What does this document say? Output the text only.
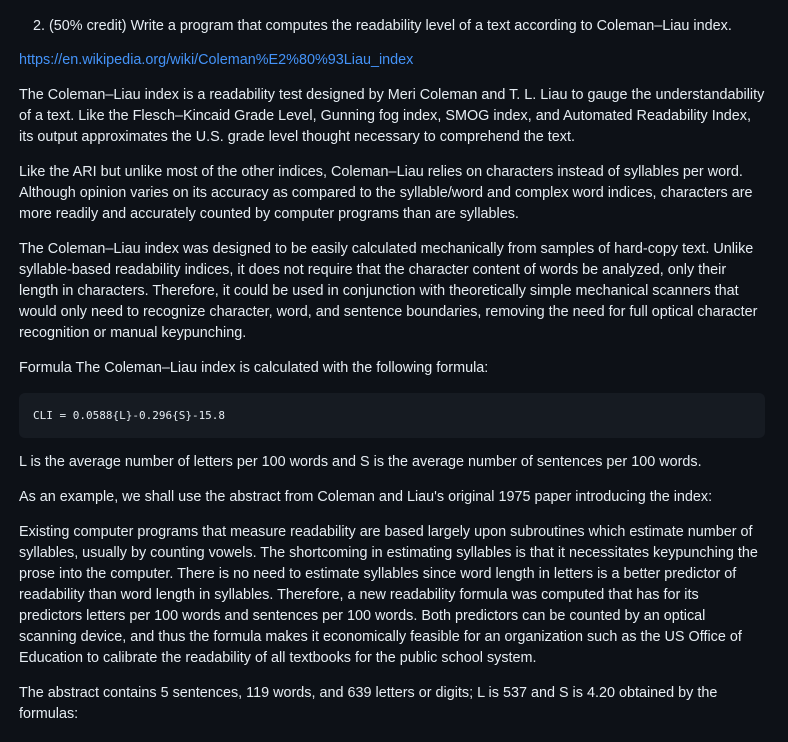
2. (50% credit) Write a program that computes the readability level of a text according to Coleman–Liau index.

https://en.wikipedia.org/wiki/Coleman%E2%80%93Liau_index

The Coleman–Liau index is a readability test designed by Meri Coleman and T. L. Liau to gauge the understandability of a text. Like the Flesch–Kincaid Grade Level, Gunning fog index, SMOG index, and Automated Readability Index, its output approximates the U.S. grade level thought necessary to comprehend the text.

Like the ARI but unlike most of the other indices, Coleman–Liau relies on characters instead of syllables per word. Although opinion varies on its accuracy as compared to the syllable/word and complex word indices, characters are more readily and accurately counted by computer programs than are syllables.

The Coleman–Liau index was designed to be easily calculated mechanically from samples of hard-copy text. Unlike syllable-based readability indices, it does not require that the character content of words be analyzed, only their length in characters. Therefore, it could be used in conjunction with theoretically simple mechanical scanners that would only need to recognize character, word, and sentence boundaries, removing the need for full optical character recognition or manual keypunching.

Formula The Coleman–Liau index is calculated with the following formula:

CLI = 0.0588{L}-0.296{S}-15.8

L is the average number of letters per 100 words and S is the average number of sentences per 100 words.

As an example, we shall use the abstract from Coleman and Liau's original 1975 paper introducing the index:

Existing computer programs that measure readability are based largely upon subroutines which estimate number of syllables, usually by counting vowels. The shortcoming in estimating syllables is that it necessitates keypunching the prose into the computer. There is no need to estimate syllables since word length in letters is a better predictor of readability than word length in syllables. Therefore, a new readability formula was computed that has for its predictors letters per 100 words and sentences per 100 words. Both predictors can be counted by an optical scanning device, and thus the formula makes it economically feasible for an organization such as the US Office of Education to calibrate the readability of all textbooks for the public school system.

The abstract contains 5 sentences, 119 words, and 639 letters or digits; L is 537 and S is 4.20 obtained by the formulas:
